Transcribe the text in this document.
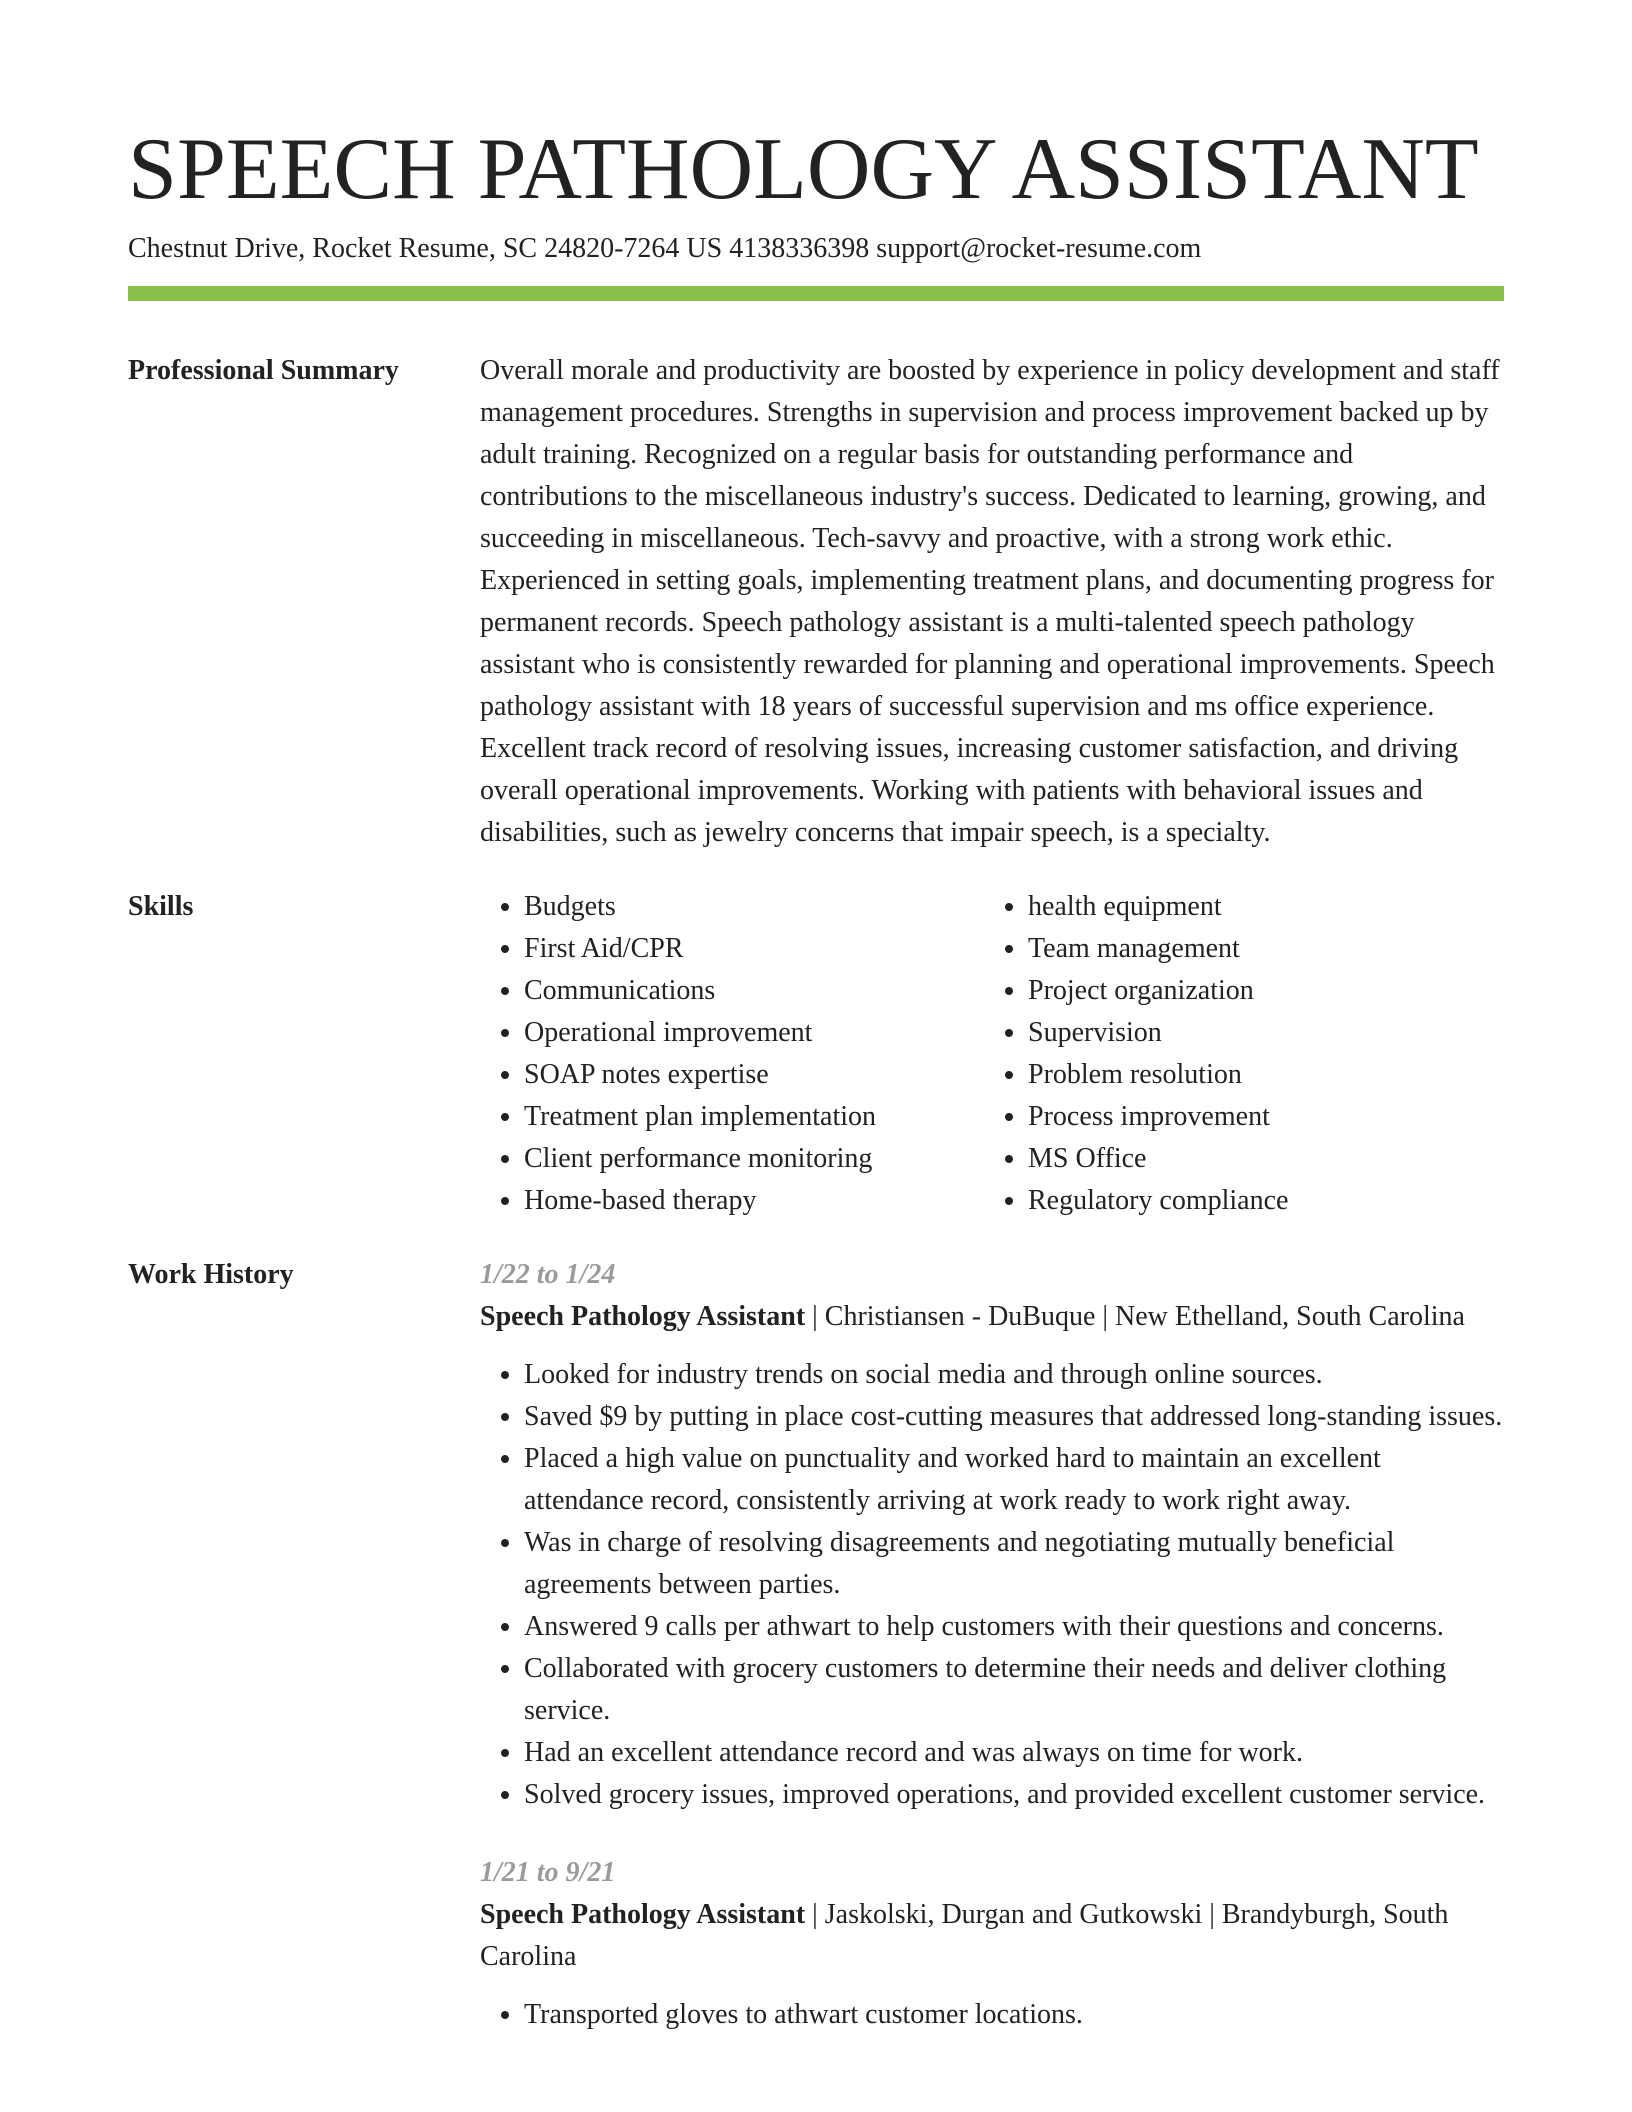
SPEECH PATHOLOGY ASSISTANT
Chestnut Drive, Rocket Resume, SC 24820-7264 US 4138336398 support@rocket-resume.com
Professional Summary	Overall morale and productivity are boosted by experience in policy development and staff management procedures. Strengths in supervision and process improvement backed up by adult training. Recognized on a regular basis for outstanding performance and contributions to the miscellaneous industry's success. Dedicated to learning, growing, and succeeding in miscellaneous. Tech-savvy and proactive, with a strong work ethic. Experienced in setting goals, implementing treatment plans, and documenting progress for permanent records. Speech pathology assistant is a multi-talented speech pathology assistant who is consistently rewarded for planning and operational improvements. Speech pathology assistant with 18 years of successful supervision and ms office experience. Excellent track record of resolving issues, increasing customer satisfaction, and driving overall operational improvements. Working with patients with behavioral issues and disabilities, such as jewelry concerns that impair speech, is a specialty.

Skills
•	Budgets
• First Aid/CPR
• Communications
• Operational improvement
• SOAP notes expertise
• Treatment plan implementation
• Client performance monitoring
• Home-based therapy
• health equipment
• Team management
• Project organization
• Supervision
• Problem resolution
• Process improvement
• MS Office
• Regulatory compliance
Work History	1/22 to 1/24
Speech Pathology Assistant | Christiansen - DuBuque | New Ethelland, South Carolina
• Looked for industry trends on social media and through online sources.
• Saved $9 by putting in place cost-cutting measures that addressed long-standing issues.
• Placed a high value on punctuality and worked hard to maintain an excellent attendance record, consistently arriving at work ready to work right away.
• Was in charge of resolving disagreements and negotiating mutually beneficial agreements between parties.
• Answered 9 calls per athwart to help customers with their questions and concerns.
• Collaborated with grocery customers to determine their needs and deliver clothing service.
• Had an excellent attendance record and was always on time for work.
• Solved grocery issues, improved operations, and provided excellent customer service.
1/21 to 9/21
Speech Pathology Assistant | Jaskolski, Durgan and Gutkowski | Brandyburgh, South Carolina
• Transported gloves to athwart customer locations.
